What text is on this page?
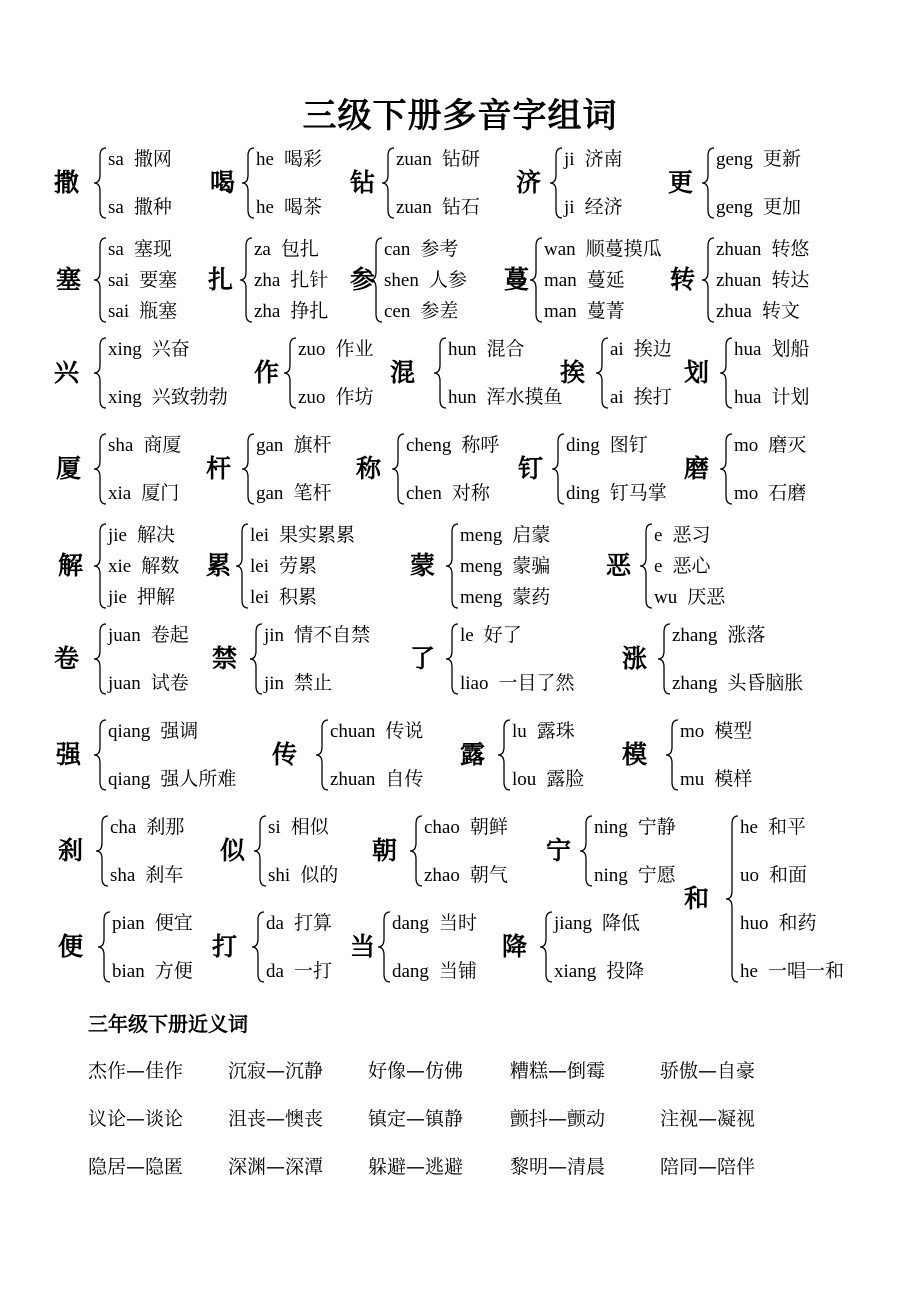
三级下册多音字组词
撒
sa 撒网
sa 撒种
喝
he 喝彩
he 喝茶
钻
zuan 钻研
zuan 钻石
济
ji 济南
ji 经济
更
geng 更新
geng 更加
塞
sa 塞现
sai 要塞
sai 瓶塞
扎
za 包扎
zha 扎针
zha 挣扎
参
can 参考
shen 人参
cen 参差
蔓
wan 顺蔓摸瓜
man 蔓延
man 蔓菁
转
zhuan 转悠
zhuan 转达
zhua 转文
兴
xing 兴奋
xing 兴致勃勃
作
zuo 作业
zuo 作坊
混
hun 混合
hun 浑水摸鱼
挨
ai 挨边
ai 挨打
划
hua 划船
hua 计划
厦
sha 商厦
xia 厦门
杆
gan 旗杆
gan 笔杆
称
cheng 称呼
chen 对称
钉
ding 图钉
ding 钉马掌
磨
mo 磨灭
mo 石磨
解
jie 解决
xie 解数
jie 押解
累
lei 果实累累
lei 劳累
lei 积累
蒙
meng 启蒙
meng 蒙骗
meng 蒙药
恶
e 恶习
e 恶心
wu 厌恶
卷
juan 卷起
juan 试卷
禁
jin 情不自禁
jin 禁止
了
le 好了
liao 一目了然
涨
zhang 涨落
zhang 头昏脑胀
强
qiang 强调
qiang 强人所难
传
chuan 传说
zhuan 自传
露
lu 露珠
lou 露脸
模
mo 模型
mu 模样
刹
cha 刹那
sha 刹车
似
si 相似
shi 似的
朝
chao 朝鲜
zhao 朝气
宁
ning 宁静
ning 宁愿
便
pian 便宜
bian 方便
打
da 打算
da 一打
当
dang 当时
dang 当铺
降
jiang 降低
xiang 投降
和
he 和平
uo 和面
huo 和药
he 一唱一和
三年级下册近义词
杰作—佳作 沉寂—沉静 好像—仿佛 糟糕—倒霉	骄傲—自豪
议论—谈论 沮丧—懊丧 镇定—镇静 颤抖—颤动	注视—凝视
隐居—隐匿 深渊—深潭 躲避—逃避 黎明—清晨	陪同—陪伴
